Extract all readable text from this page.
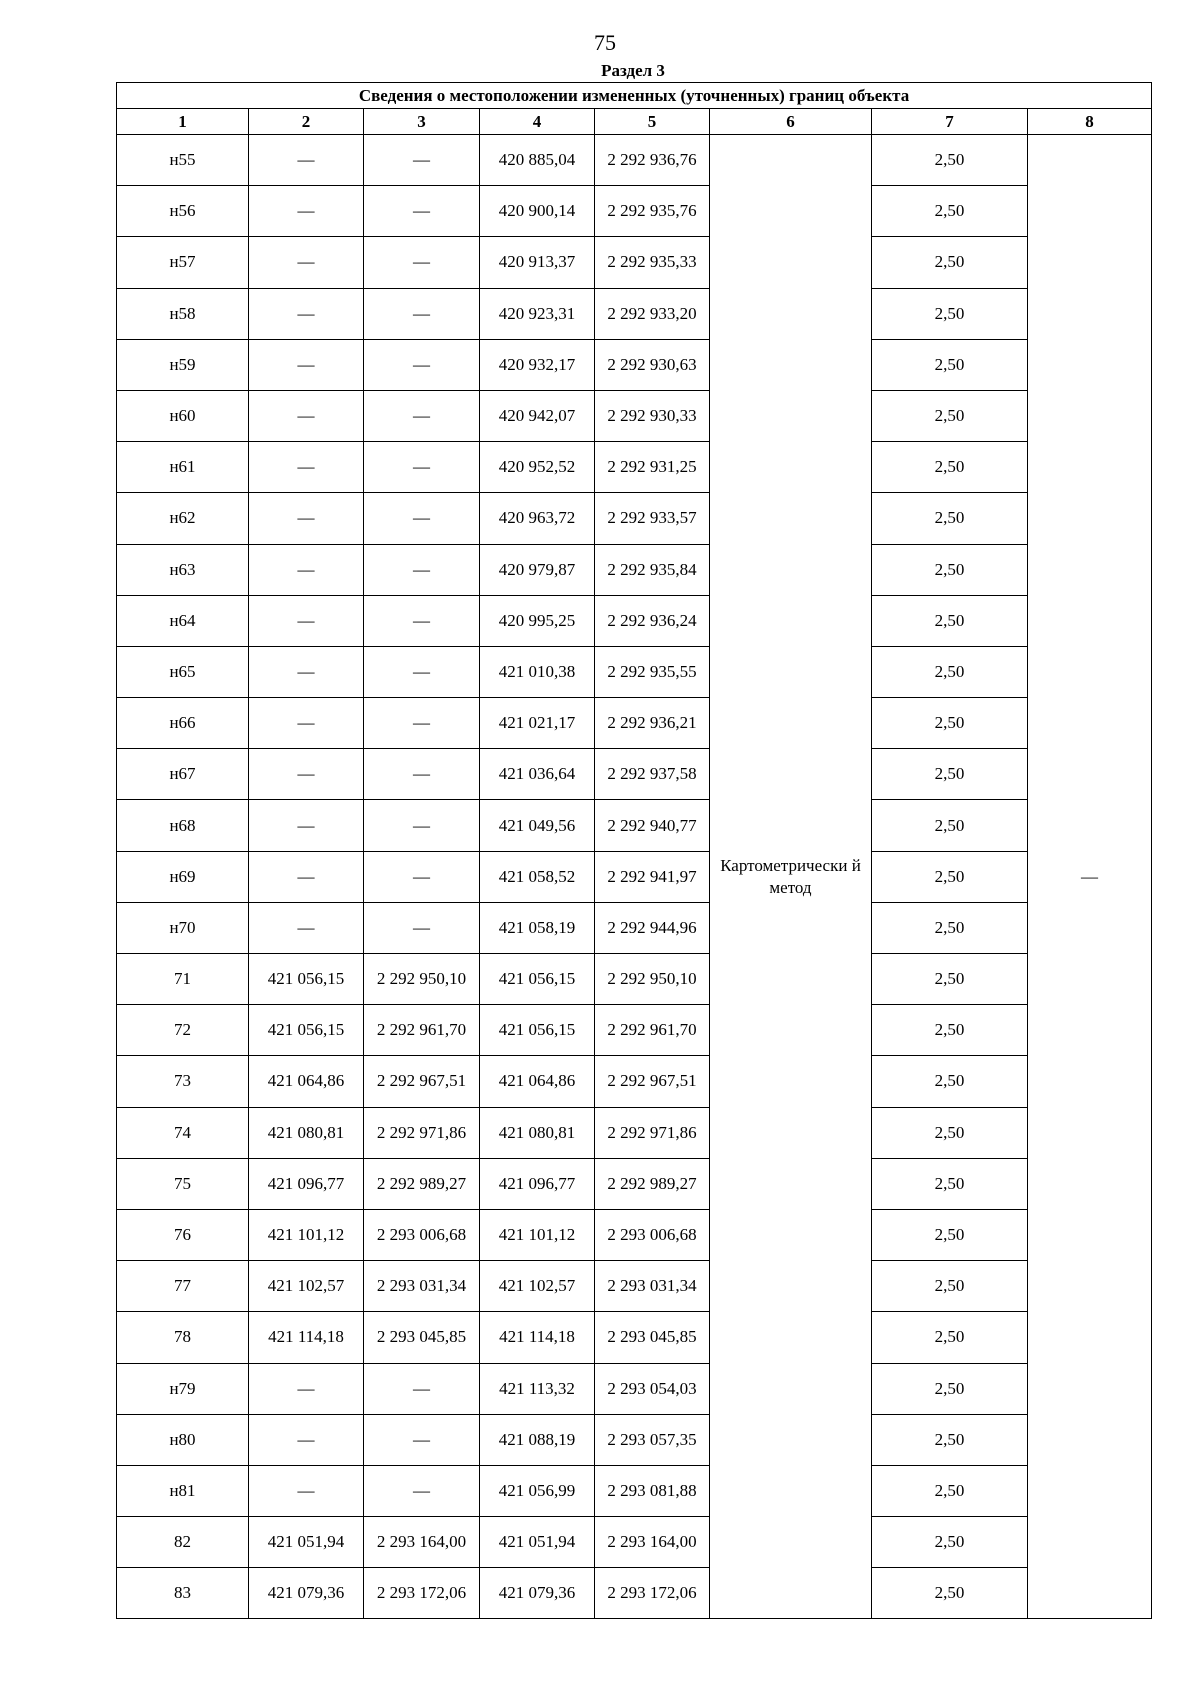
75
Раздел 3
Сведения о местоположении измененных (уточненных) границ объекта							
1	2	3	4	5	6	7	8
н55	—	—	420 885,04	2 292 936,76	Картометрически й метод	2,50	—
н56	—	—	420 900,14	2 292 935,76		2,50	
н57	—	—	420 913,37	2 292 935,33		2,50	
н58	—	—	420 923,31	2 292 933,20		2,50	
н59	—	—	420 932,17	2 292 930,63		2,50	
н60	—	—	420 942,07	2 292 930,33		2,50	
н61	—	—	420 952,52	2 292 931,25		2,50	
н62	—	—	420 963,72	2 292 933,57		2,50	
н63	—	—	420 979,87	2 292 935,84		2,50	
н64	—	—	420 995,25	2 292 936,24		2,50	
н65	—	—	421 010,38	2 292 935,55		2,50	
н66	—	—	421 021,17	2 292 936,21		2,50	
н67	—	—	421 036,64	2 292 937,58		2,50	
н68	—	—	421 049,56	2 292 940,77		2,50	
н69	—	—	421 058,52	2 292 941,97		2,50	
н70	—	—	421 058,19	2 292 944,96		2,50	
71	421 056,15	2 292 950,10	421 056,15	2 292 950,10		2,50	
72	421 056,15	2 292 961,70	421 056,15	2 292 961,70		2,50	
73	421 064,86	2 292 967,51	421 064,86	2 292 967,51		2,50	
74	421 080,81	2 292 971,86	421 080,81	2 292 971,86		2,50	
75	421 096,77	2 292 989,27	421 096,77	2 292 989,27		2,50	
76	421 101,12	2 293 006,68	421 101,12	2 293 006,68		2,50	
77	421 102,57	2 293 031,34	421 102,57	2 293 031,34		2,50	
78	421 114,18	2 293 045,85	421 114,18	2 293 045,85		2,50	
н79	—	—	421 113,32	2 293 054,03		2,50	
н80	—	—	421 088,19	2 293 057,35		2,50	
н81	—	—	421 056,99	2 293 081,88		2,50	
82	421 051,94	2 293 164,00	421 051,94	2 293 164,00		2,50	
83	421 079,36	2 293 172,06	421 079,36	2 293 172,06		2,50	
